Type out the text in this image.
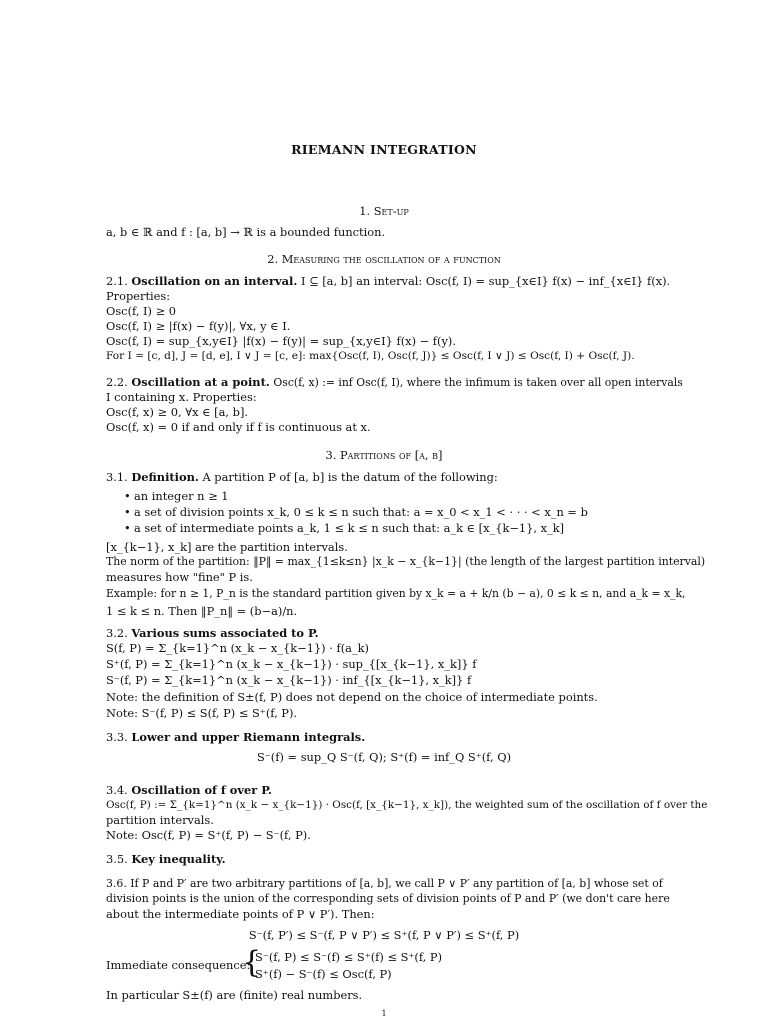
RIEMANN INTEGRATION
1. Set-up
a, b ∈ ℝ and f : [a, b] → ℝ is a bounded function.
2. Measuring the oscillation of a function
2.1. Oscillation on an interval. I ⊆ [a, b] an interval: Osc(f, I) = sup_{x∈I} f(x) − inf_{x∈I} f(x).
Properties:
Osc(f, I) ≥ 0
Osc(f, I) ≥ |f(x) − f(y)|, ∀x, y ∈ I.
Osc(f, I) = sup_{x,y∈I} |f(x) − f(y)| = sup_{x,y∈I} f(x) − f(y).
For I = [c, d], J = [d, e], I ∨ J = [c, e]: max{Osc(f, I), Osc(f, J)} ≤ Osc(f, I ∨ J) ≤ Osc(f, I) + Osc(f, J).
2.2. Oscillation at a point. Osc(f, x) := inf Osc(f, I), where the infimum is taken over all open intervals
I containing x. Properties:
Osc(f, x) ≥ 0, ∀x ∈ [a, b].
Osc(f, x) = 0 if and only if f is continuous at x.
3. Partitions of [a, b]
3.1. Definition. A partition P of [a, b] is the datum of the following:
• an integer n ≥ 1
• a set of division points x_k, 0 ≤ k ≤ n such that: a = x_0 < x_1 < · · · < x_n = b
• a set of intermediate points a_k, 1 ≤ k ≤ n such that: a_k ∈ [x_{k−1}, x_k]
[x_{k−1}, x_k] are the partition intervals.
The norm of the partition: ‖P‖ = max_{1≤k≤n} |x_k − x_{k−1}| (the length of the largest partition interval)
measures how "fine" P is.
Example: for n ≥ 1, P_n is the standard partition given by x_k = a + k/n (b − a), 0 ≤ k ≤ n, and a_k = x_k,
1 ≤ k ≤ n. Then ‖P_n‖ = (b−a)/n.
3.2. Various sums associated to P.
S(f, P) = Σ_{k=1}^n (x_k − x_{k−1}) · f(a_k)
S⁺(f, P) = Σ_{k=1}^n (x_k − x_{k−1}) · sup_{[x_{k−1}, x_k]} f
S⁻(f, P) = Σ_{k=1}^n (x_k − x_{k−1}) · inf_{[x_{k−1}, x_k]} f
Note: the definition of S±(f, P) does not depend on the choice of intermediate points.
Note: S⁻(f, P) ≤ S(f, P) ≤ S⁺(f, P).
3.3. Lower and upper Riemann integrals.
S⁻(f) = sup_Q S⁻(f, Q); S⁺(f) = inf_Q S⁺(f, Q)
3.4. Oscillation of f over P.
Osc(f, P) := Σ_{k=1}^n (x_k − x_{k−1}) · Osc(f, [x_{k−1}, x_k]), the weighted sum of the oscillation of f over the
partition intervals.
Note: Osc(f, P) = S⁺(f, P) − S⁻(f, P).
3.5. Key inequality.
3.6. If P and P′ are two arbitrary partitions of [a, b], we call P ∨ P′ any partition of [a, b] whose set of
division points is the union of the corresponding sets of division points of P and P′ (we don't care here
about the intermediate points of P ∨ P′). Then:
S⁻(f, P′) ≤ S⁻(f, P ∨ P′) ≤ S⁺(f, P ∨ P′) ≤ S⁺(f, P)
Immediate consequence:
{
S⁻(f, P) ≤ S⁻(f) ≤ S⁺(f) ≤ S⁺(f, P)
S⁺(f) − S⁻(f) ≤ Osc(f, P)
In particular S±(f) are (finite) real numbers.
1
